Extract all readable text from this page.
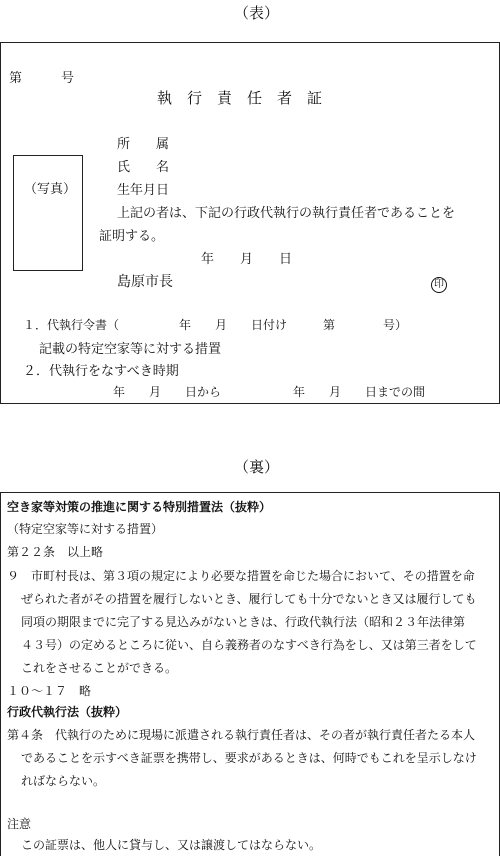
（表）
第　　　号
執　行　責　任　者　証
（写真）
所　　属
氏　　名
生年月日
上記の者は、下記の行政代執行の執行責任者であることを
証明する。
年　　月　　日
島原市長	印
１．代執行令書（　　　　　年　　月　　日付け　　　第　　　　号）
記載の特定空家等に対する措置
２．代執行をなすべき時期
年　　月　　日から　　　　　　年　　月　　日までの間
（裏）
空き家等対策の推進に関する特別措置法（抜粋）
（特定空家等に対する措置）
第２２条　以上略
９　市町村長は、第３項の規定により必要な措置を命じた場合において、その措置を命
ぜられた者がその措置を履行しないとき、履行しても十分でないとき又は履行しても
同項の期限までに完了する見込みがないときは、行政代執行法（昭和２３年法律第
４３号）の定めるところに従い、自ら義務者のなすべき行為をし、又は第三者をして
これをさせることができる。
１０〜１７　略
行政代執行法（抜粋）
第４条　代執行のために現場に派遣される執行責任者は、その者が執行責任者たる本人
であることを示すべき証票を携帯し、要求があるときは、何時でもこれを呈示しなけ
ればならない。
注意
この証票は、他人に貸与し、又は譲渡してはならない。
